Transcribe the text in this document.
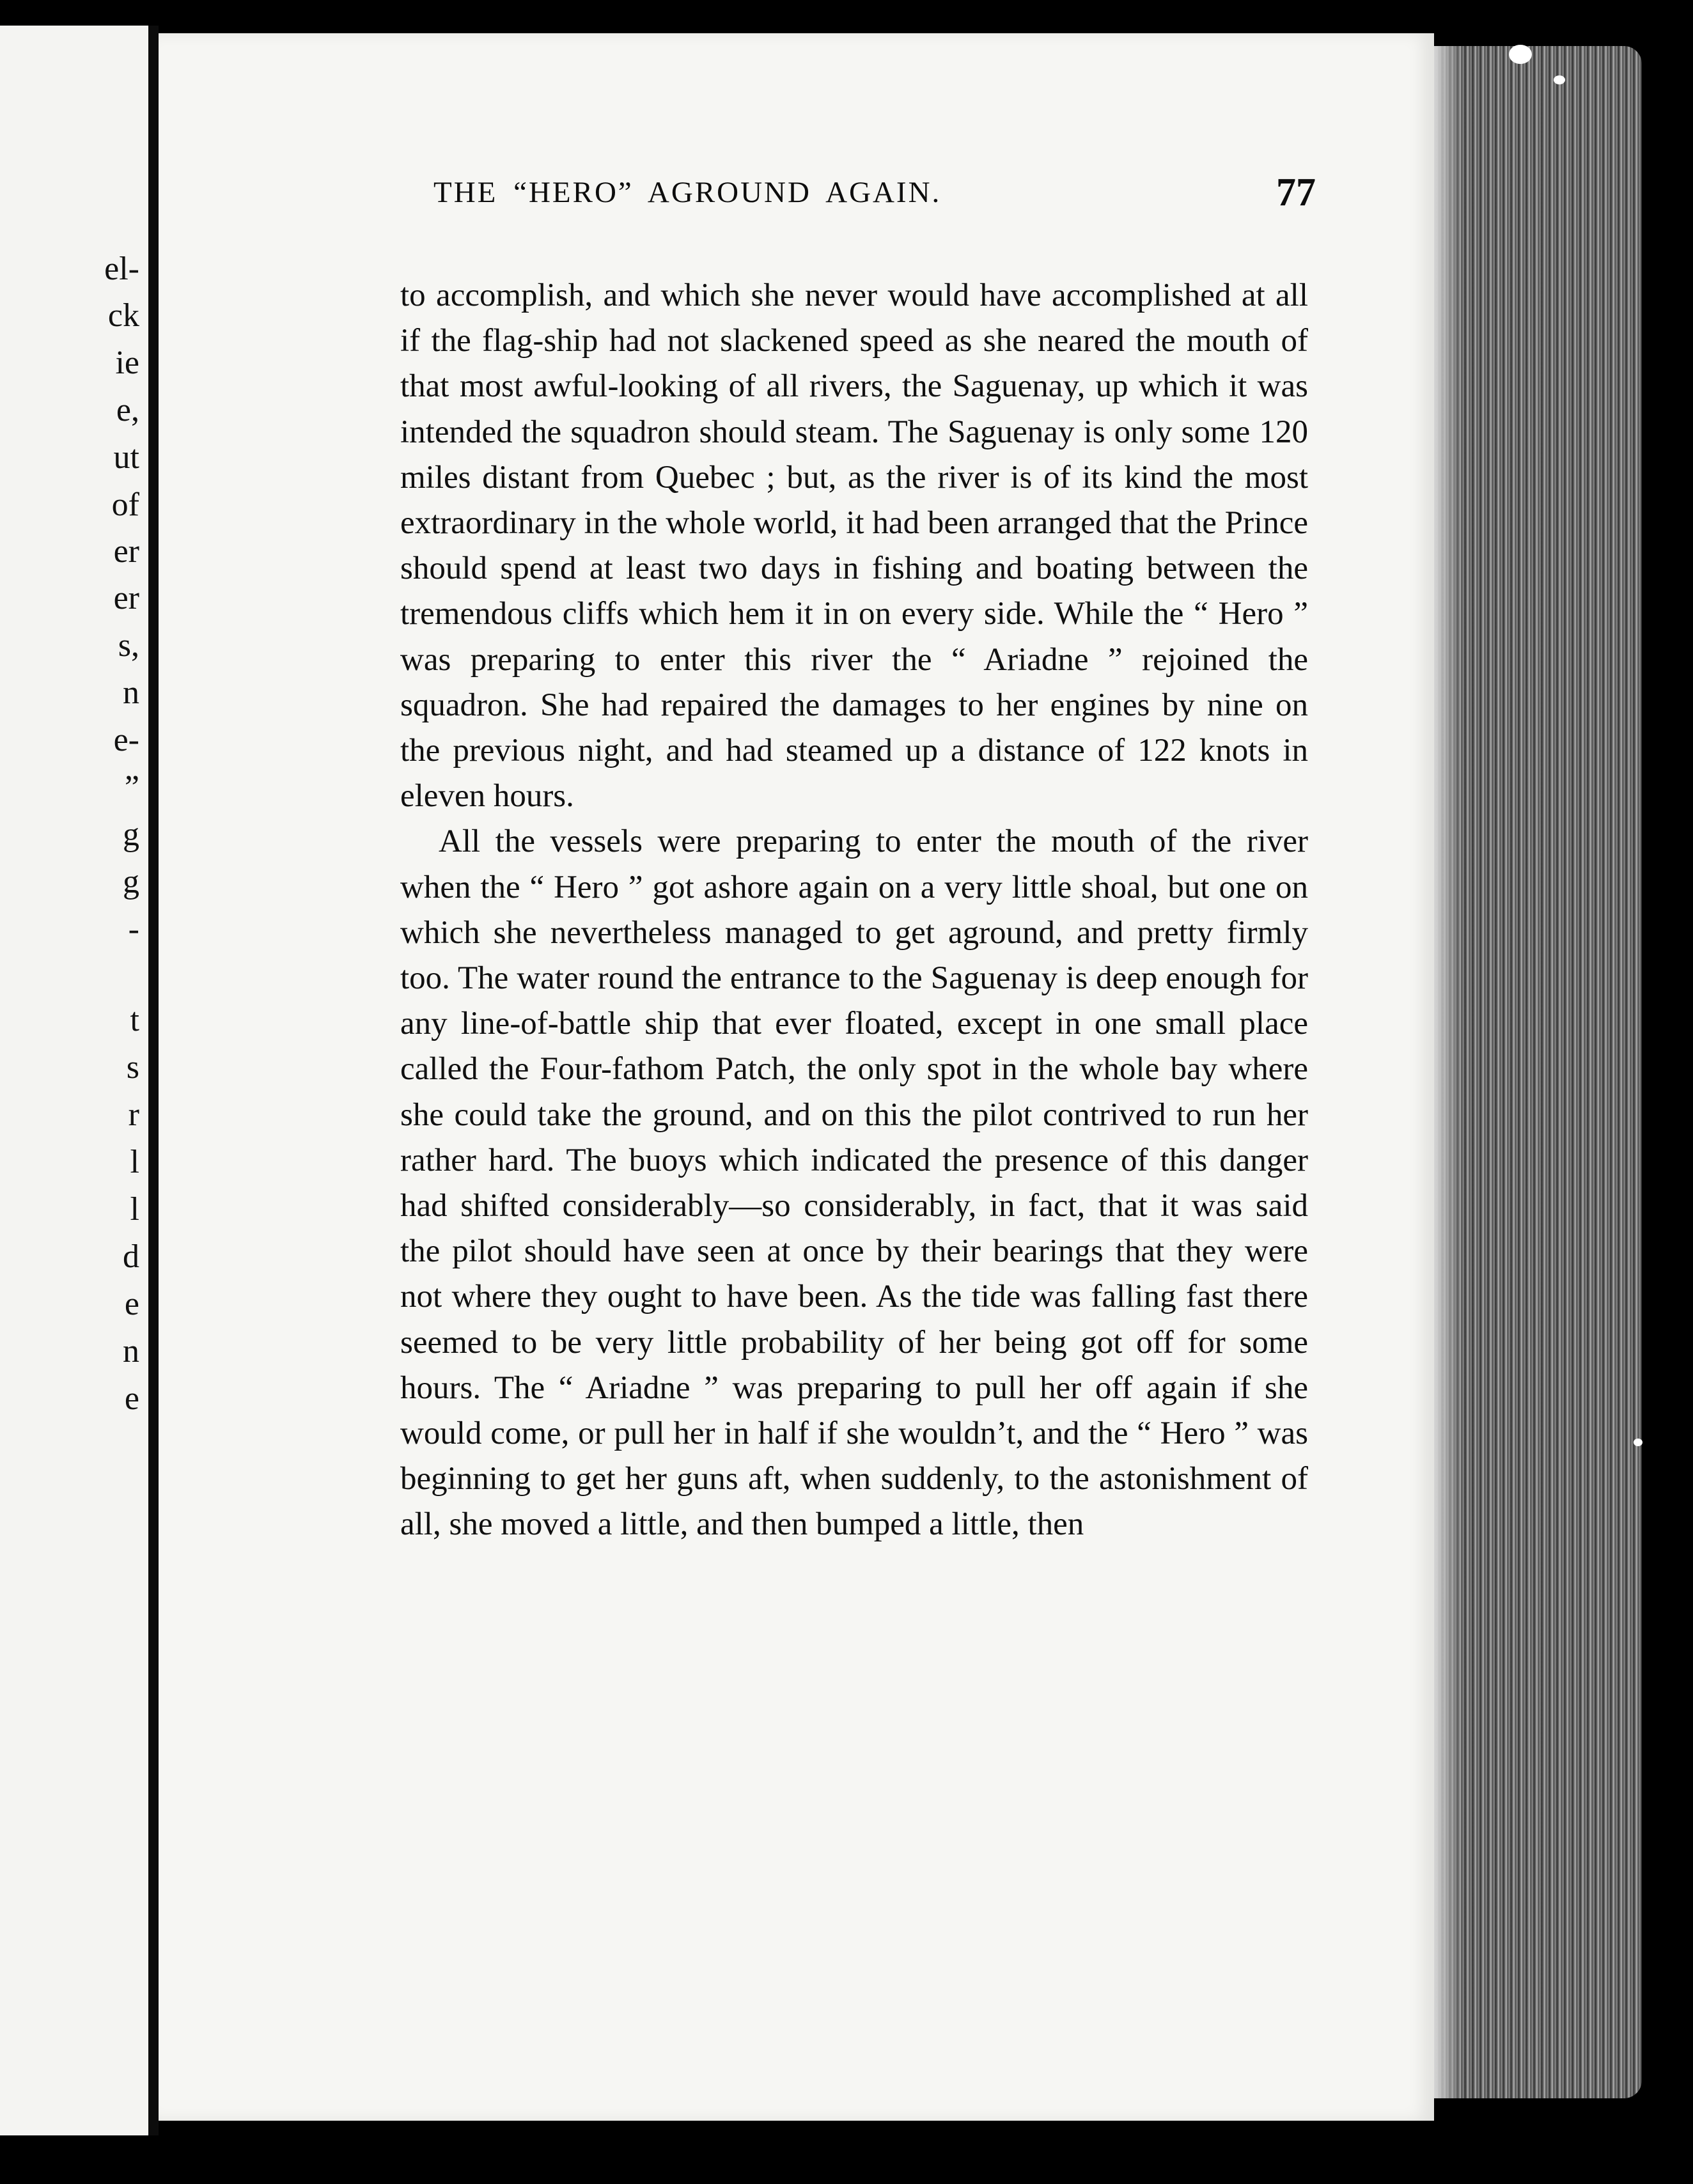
el-
ck
ie
e,
ut
of
er
er
s,
n
e-
”
g
g
-
t
s
r
l
l
d
e
n
e
THE “HERO” AGROUND AGAIN.	77

to accomplish, and which she never would have accomplished at all if the flag-ship had not slackened speed as she neared the mouth of that most awful-looking of all rivers, the Saguenay, up which it was intended the squadron should steam. The Saguenay is only some 120 miles distant from Quebec ; but, as the river is of its kind the most extraordinary in the whole world, it had been arranged that the Prince should spend at least two days in fishing and boating between the tremendous cliffs which hem it in on every side. While the “ Hero ” was preparing to enter this river the “ Ariadne ” rejoined the squadron. She had repaired the damages to her engines by nine on the previous night, and had steamed up a distance of 122 knots in eleven hours.

All the vessels were preparing to enter the mouth of the river when the “ Hero ” got ashore again on a very little shoal, but one on which she nevertheless managed to get aground, and pretty firmly too. The water round the entrance to the Saguenay is deep enough for any line-of-battle ship that ever floated, except in one small place called the Four-fathom Patch, the only spot in the whole bay where she could take the ground, and on this the pilot contrived to run her rather hard. The buoys which indicated the presence of this danger had shifted considerably—so considerably, in fact, that it was said the pilot should have seen at once by their bearings that they were not where they ought to have been. As the tide was falling fast there seemed to be very little probability of her being got off for some hours. The “ Ariadne ” was preparing to pull her off again if she would come, or pull her in half if she wouldn’t, and the “ Hero ” was beginning to get her guns aft, when suddenly, to the astonishment of all, she moved a little, and then bumped a little, then
